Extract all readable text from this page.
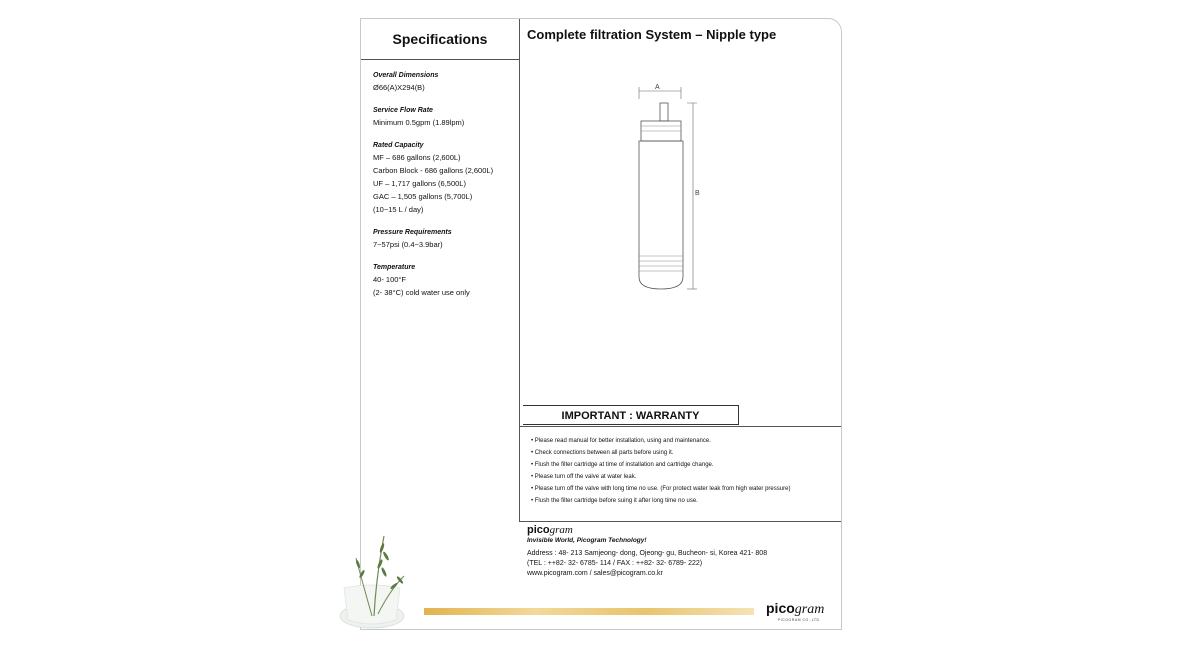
Specifications	Complete filtration System – Nipple type
Overall Dimensions
Ø66(A)X294(B)
Service Flow Rate
Minimum 0.5gpm (1.89lpm)
Rated Capacity
MF – 686 gallons (2,600L)
Carbon Block - 686 gallons (2,600L)
UF – 1,717 gallons (6,500L)
GAC – 1,505 gallons (5,700L)
(10~15 L / day)
Pressure Requirements
7~57psi (0.4~3.9bar)
Temperature
40- 100°F
(2- 38°C) cold water use only
A
B
IMPORTANT : WARRANTY
• Please read manual for better installation, using and maintenance.
• Check connections between all parts before using it.
• Flush the filter cartridge at time of installation and cartridge change.
• Please turn off the valve at water leak.
• Please turn off the valve with long time no use. (For protect water leak from high water pressure)
• Flush the filter cartridge before suing it after long time no use.
picogram
Invisible World, Picogram Technology!
Address : 48- 213 Samjeong- dong, Ojeong- gu, Bucheon- si, Korea 421- 808
(TEL : ++82- 32- 6785- 114 / FAX : ++82- 32- 6789- 222)
www.picogram.com / sales@picogram.co.kr
picogram
PICOGRAM CO.,LTD
